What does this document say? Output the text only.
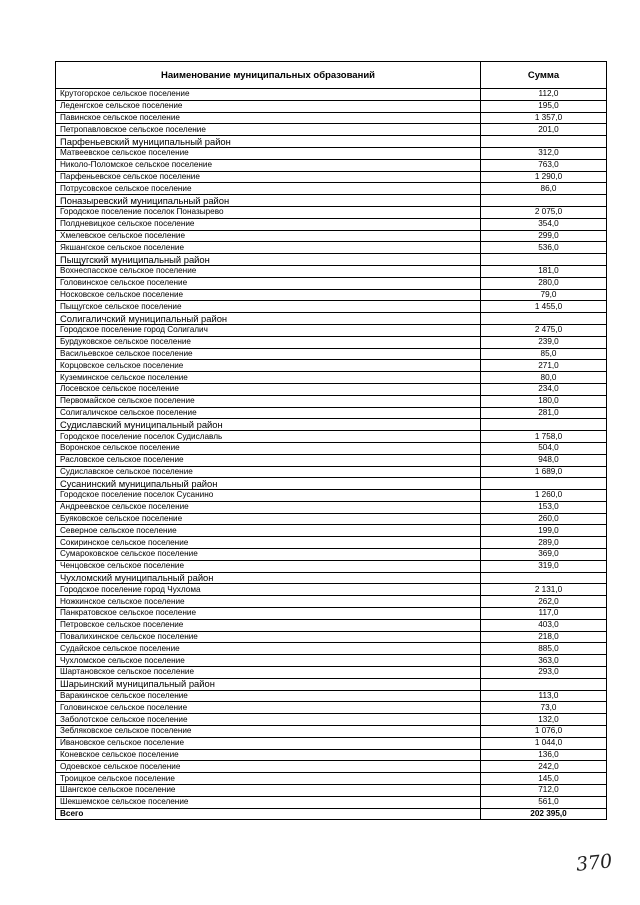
Наименование муниципальных образований	Сумма
Крутогорское сельское поселение	112,0
Леденгское сельское поселение	195,0
Павинское сельское поселение	1 357,0
Петропавловское сельское поселение	201,0
Парфеньевский муниципальный район	
Матвеевское сельское поселение	312,0
Николо-Поломское сельское поселение	763,0
Парфеньевское сельское поселение	1 290,0
Потрусовское сельское поселение	86,0
Поназыревский муниципальный район	
Городское поселение поселок Поназырево	2 075,0
Полдневицкое сельское поселение	354,0
Хмелевское сельское поселение	299,0
Якшангское сельское поселение	536,0
Пыщугский муниципальный район	
Вохнеспасское сельское поселение	181,0
Головинское сельское поселение	280,0
Носковское сельское поселение	79,0
Пыщугское сельское поселение	1 455,0
Солигаличский муниципальный район	
Городское поселение город Солигалич	2 475,0
Бурдуковское сельское поселение	239,0
Васильевское сельское поселение	85,0
Корцовское сельское поселение	271,0
Куземинское сельское поселение	80,0
Лосевское сельское поселение	234,0
Первомайское сельское поселение	180,0
Солигаличское сельское поселение	281,0
Судиславский муниципальный район	
Городское поселение поселок Судиславль	1 758,0
Воронское сельское поселение	504,0
Расловское сельское поселение	948,0
Судиславское сельское поселение	1 689,0
Сусанинский муниципальный район	
Городское поселение поселок Сусанино	1 260,0
Андреевское сельское поселение	153,0
Буяковское сельское поселение	260,0
Северное сельское поселение	199,0
Сокиринское сельское поселение	289,0
Сумароковское сельское поселение	369,0
Ченцовское сельское поселение	319,0
Чухломский муниципальный район	
Городское поселение город Чухлома	2 131,0
Ножкинское сельское поселение	262,0
Панкратовское сельское поселение	117,0
Петровское сельское поселение	403,0
Повалихинское сельское поселение	218,0
Судайское сельское поселение	885,0
Чухломское сельское поселение	363,0
Шартановское сельское поселение	293,0
Шарьинский муниципальный район	
Варакинское сельское поселение	113,0
Головинское сельское поселение	73,0
Заболотское сельское поселение	132,0
Зебляковское сельское поселение	1 076,0
Ивановское сельское поселение	1 044,0
Коневское сельское поселение	136,0
Одоевское сельское поселение	242,0
Троицкое сельское поселение	145,0
Шангское сельское поселение	712,0
Шекшемское сельское поселение	561,0
Всего	202 395,0
370
